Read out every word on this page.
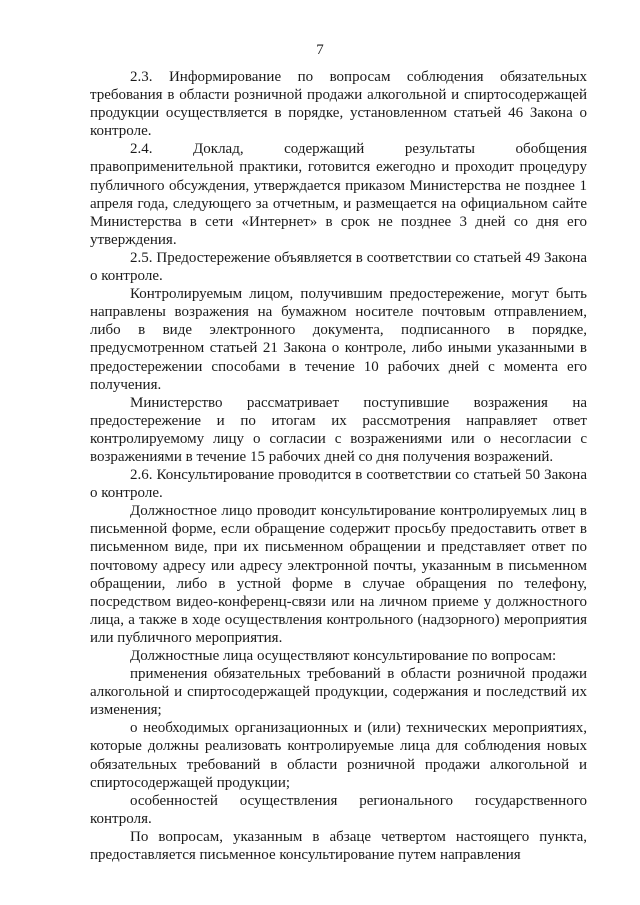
7

2.3. Информирование по вопросам соблюдения обязательных требования в области розничной продажи алкогольной и спиртосодержащей продукции осуществляется в порядке, установленном статьей 46 Закона о контроле.

2.4. Доклад, содержащий результаты обобщения правоприменительной практики, готовится ежегодно и проходит процедуру публичного обсуждения, утверждается приказом Министерства не позднее 1 апреля года, следующего за отчетным, и размещается на официальном сайте Министерства в сети «Интернет» в срок не позднее 3 дней со дня его утверждения.

2.5. Предостережение объявляется в соответствии со статьей 49 Закона о контроле.

Контролируемым лицом, получившим предостережение, могут быть направлены возражения на бумажном носителе почтовым отправлением, либо в виде электронного документа, подписанного в порядке, предусмотренном статьей 21 Закона о контроле, либо иными указанными в предостережении способами в течение 10 рабочих дней с момента его получения.

Министерство рассматривает поступившие возражения на предостережение и по итогам их рассмотрения направляет ответ контролируемому лицу о согласии с возражениями или о несогласии с возражениями в течение 15 рабочих дней со дня получения возражений.

2.6. Консультирование проводится в соответствии со статьей 50 Закона о контроле.

Должностное лицо проводит консультирование контролируемых лиц в письменной форме, если обращение содержит просьбу предоставить ответ в письменном виде, при их письменном обращении и представляет ответ по почтовому адресу или адресу электронной почты, указанным в письменном обращении, либо в устной форме в случае обращения по телефону, посредством видео-конференц-связи или на личном приеме у должностного лица, а также в ходе осуществления контрольного (надзорного) мероприятия или публичного мероприятия.

Должностные лица осуществляют консультирование по вопросам:

применения обязательных требований в области розничной продажи алкогольной и спиртосодержащей продукции, содержания и последствий их изменения;

о необходимых организационных и (или) технических мероприятиях, которые должны реализовать контролируемые лица для соблюдения новых обязательных требований в области розничной продажи алкогольной и спиртосодержащей продукции;

особенностей осуществления регионального государственного контроля.

По вопросам, указанным в абзаце четвертом настоящего пункта, предоставляется письменное консультирование путем направления
